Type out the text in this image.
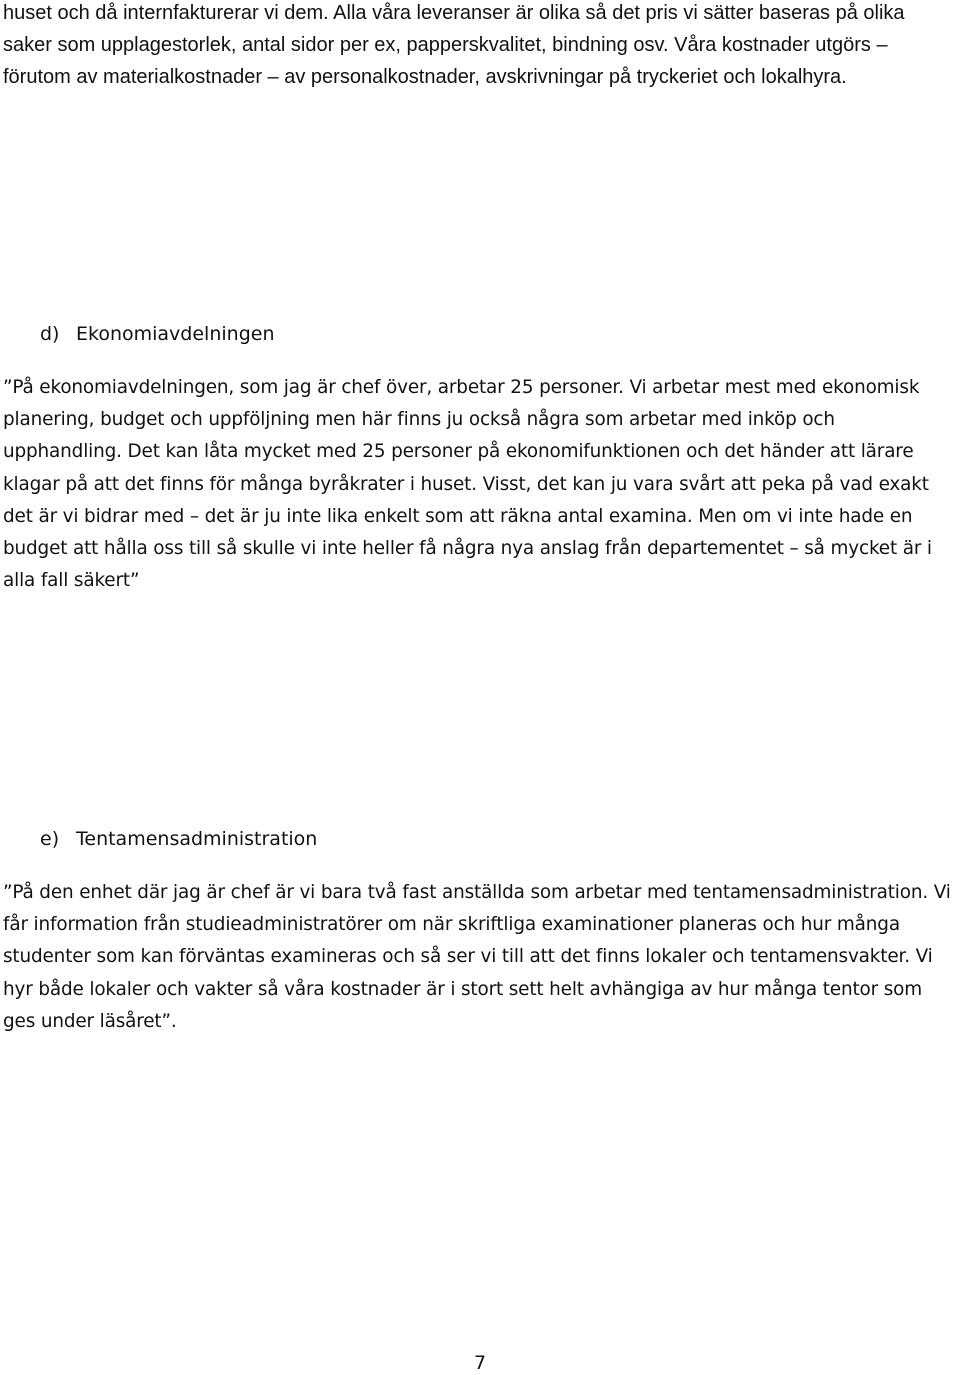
huset och då internfakturerar vi dem. Alla våra leveranser är olika så det pris vi sätter baseras på olika saker som upplagestorlek, antal sidor per ex, papperskvalitet, bindning osv. Våra kostnader utgörs – förutom av materialkostnader – av personalkostnader, avskrivningar på tryckeriet och lokalhyra.

d) Ekonomiavdelningen

”På ekonomiavdelningen, som jag är chef över, arbetar 25 personer. Vi arbetar mest med ekonomisk planering, budget och uppföljning men här finns ju också några som arbetar med inköp och upphandling. Det kan låta mycket med 25 personer på ekonomifunktionen och det händer att lärare klagar på att det finns för många byråkrater i huset. Visst, det kan ju vara svårt att peka på vad exakt det är vi bidrar med – det är ju inte lika enkelt som att räkna antal examina. Men om vi inte hade en budget att hålla oss till så skulle vi inte heller få några nya anslag från departementet – så mycket är i alla fall säkert”

e) Tentamensadministration

”På den enhet där jag är chef är vi bara två fast anställda som arbetar med tentamensadministration. Vi får information från studieadministratörer om när skriftliga examinationer planeras och hur många studenter som kan förväntas examineras och så ser vi till att det finns lokaler och tentamensvakter. Vi hyr både lokaler och vakter så våra kostnader är i stort sett helt avhängiga av hur många tentor som ges under läsåret”.

7
